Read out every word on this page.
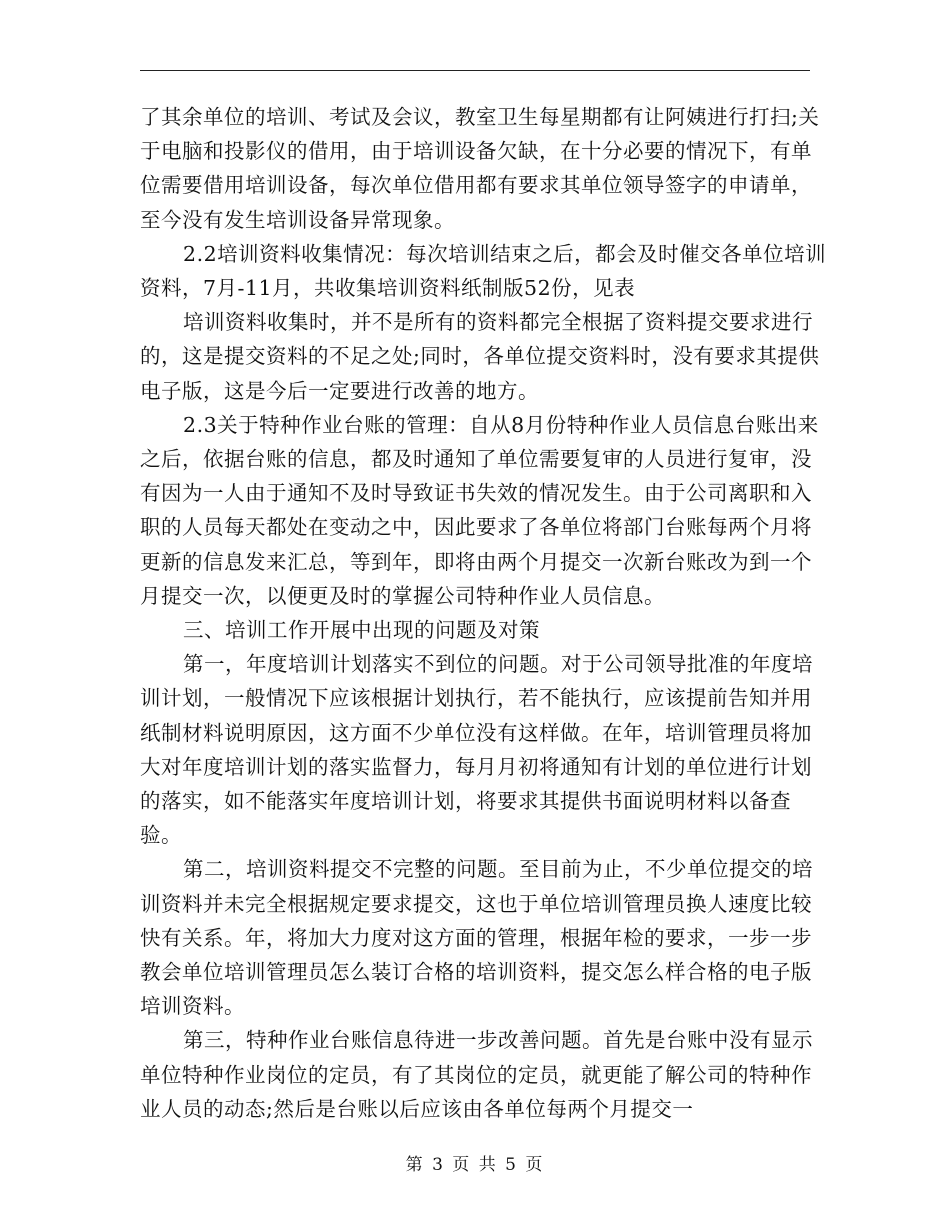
了其余单位的培训、考试及会议，教室卫生每星期都有让阿姨进行打扫;关于电脑和投影仪的借用，由于培训设备欠缺，在十分必要的情况下，有单位需要借用培训设备，每次单位借用都有要求其单位领导签字的申请单，至今没有发生培训设备异常现象。

2.2培训资料收集情况：每次培训结束之后，都会及时催交各单位培训资料，7月-11月，共收集培训资料纸制版52份，见表

培训资料收集时，并不是所有的资料都完全根据了资料提交要求进行的，这是提交资料的不足之处;同时，各单位提交资料时，没有要求其提供电子版，这是今后一定要进行改善的地方。

2.3关于特种作业台账的管理：自从8月份特种作业人员信息台账出来之后，依据台账的信息，都及时通知了单位需要复审的人员进行复审，没有因为一人由于通知不及时导致证书失效的情况发生。由于公司离职和入职的人员每天都处在变动之中，因此要求了各单位将部门台账每两个月将更新的信息发来汇总，等到年，即将由两个月提交一次新台账改为到一个月提交一次，以便更及时的掌握公司特种作业人员信息。

三、培训工作开展中出现的问题及对策

第一，年度培训计划落实不到位的问题。对于公司领导批准的年度培训计划，一般情况下应该根据计划执行，若不能执行，应该提前告知并用纸制材料说明原因，这方面不少单位没有这样做。在年，培训管理员将加大对年度培训计划的落实监督力，每月月初将通知有计划的单位进行计划的落实，如不能落实年度培训计划，将要求其提供书面说明材料以备查验。

第二，培训资料提交不完整的问题。至目前为止，不少单位提交的培训资料并未完全根据规定要求提交，这也于单位培训管理员换人速度比较快有关系。年，将加大力度对这方面的管理，根据年检的要求，一步一步教会单位培训管理员怎么装订合格的培训资料，提交怎么样合格的电子版培训资料。

第三，特种作业台账信息待进一步改善问题。首先是台账中没有显示单位特种作业岗位的定员，有了其岗位的定员，就更能了解公司的特种作业人员的动态;然后是台账以后应该由各单位每两个月提交一

第 3 页 共 5 页
